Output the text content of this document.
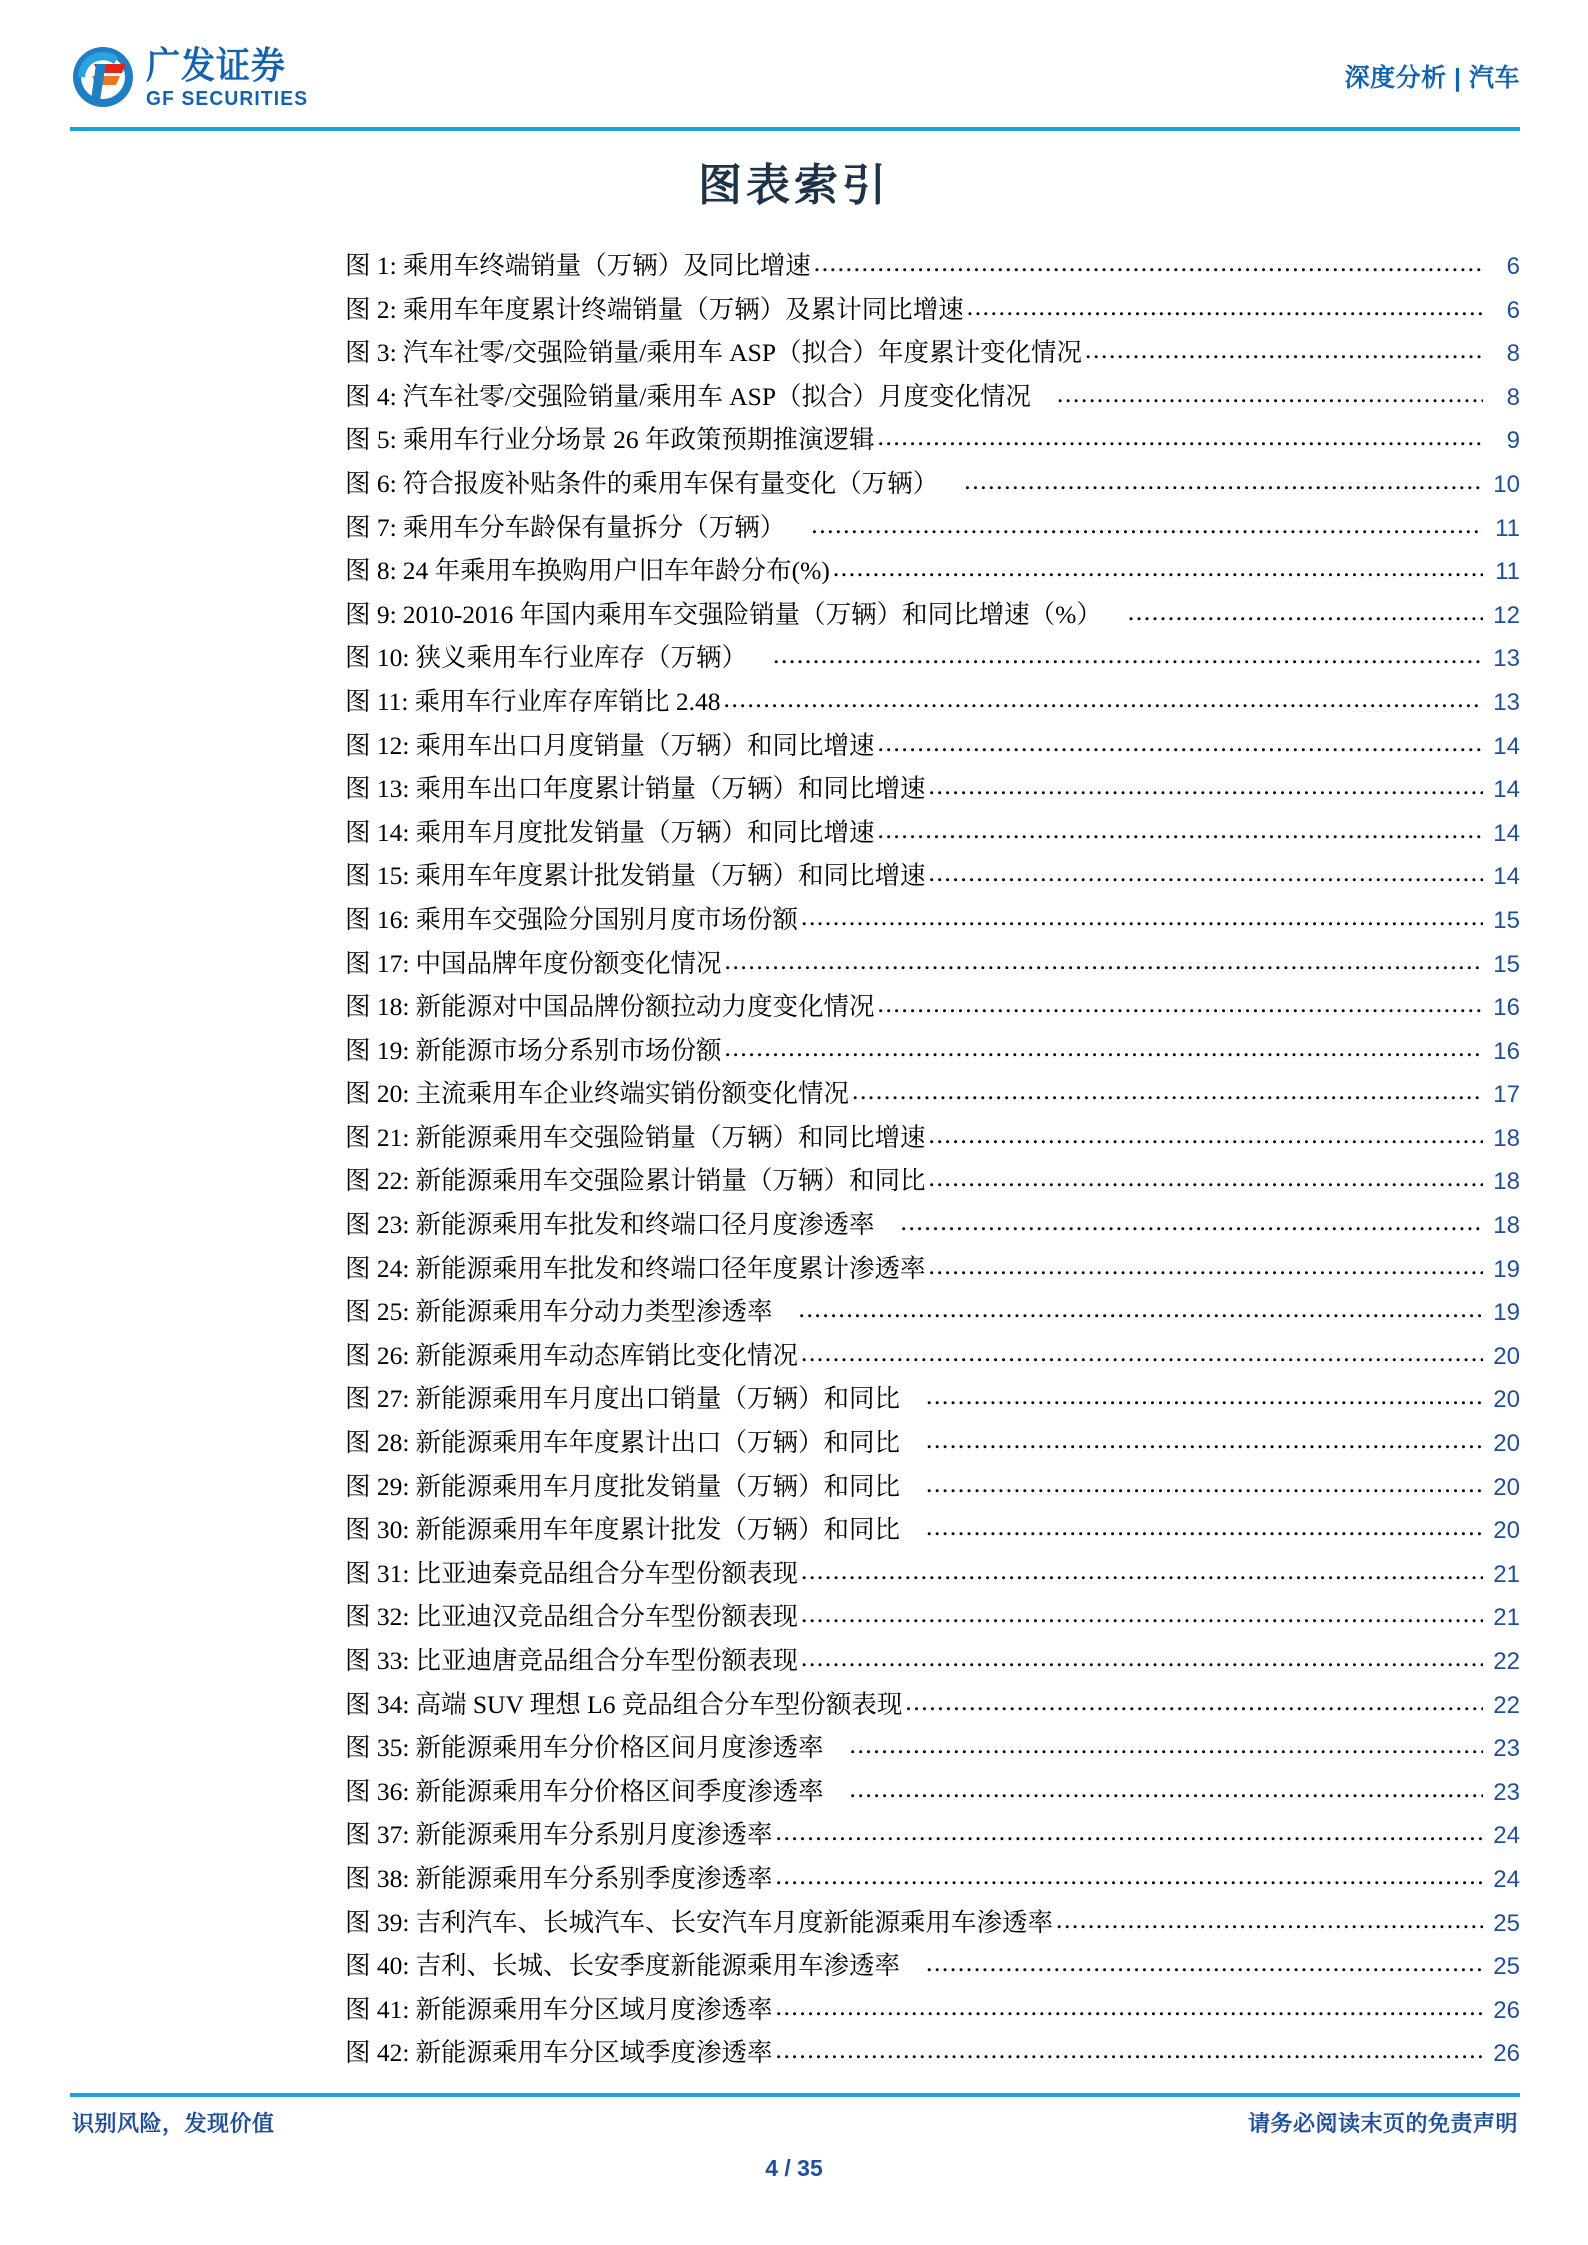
广发证券
GF SECURITIES
深度分析 | 汽车
图表索引
图 1: 乘用车终端销量（万辆）及同比增速 .....	6
图 2: 乘用车年度累计终端销量（万辆）及累计同比增速 .....	6
图 3: 汽车社零/交强险销量/乘用车 ASP（拟合）年度累计变化情况 .....	8
图 4: 汽车社零/交强险销量/乘用车 ASP（拟合）月度变化情况 .....	8
图 5: 乘用车行业分场景 26 年政策预期推演逻辑 .....	9
图 6: 符合报废补贴条件的乘用车保有量变化（万辆） .....	10
图 7: 乘用车分车龄保有量拆分（万辆） .....	11
图 8: 24 年乘用车换购用户旧车年龄分布(%) .....	11
图 9: 2010-2016 年国内乘用车交强险销量（万辆）和同比增速（%） .....	12
图 10: 狭义乘用车行业库存（万辆） .....	13
图 11: 乘用车行业库存库销比 2.48 .....	13
图 12: 乘用车出口月度销量（万辆）和同比增速 .....	14
图 13: 乘用车出口年度累计销量（万辆）和同比增速 .....	14
图 14: 乘用车月度批发销量（万辆）和同比增速 .....	14
图 15: 乘用车年度累计批发销量（万辆）和同比增速 .....	14
图 16: 乘用车交强险分国别月度市场份额 .....	15
图 17: 中国品牌年度份额变化情况 .....	15
图 18: 新能源对中国品牌份额拉动力度变化情况 .....	16
图 19: 新能源市场分系别市场份额 .....	16
图 20: 主流乘用车企业终端实销份额变化情况 .....	17
图 21: 新能源乘用车交强险销量（万辆）和同比增速 .....	18
图 22: 新能源乘用车交强险累计销量（万辆）和同比 .....	18
图 23: 新能源乘用车批发和终端口径月度渗透率 .....	18
图 24: 新能源乘用车批发和终端口径年度累计渗透率 .....	19
图 25: 新能源乘用车分动力类型渗透率 .....	19
图 26: 新能源乘用车动态库销比变化情况 .....	20
图 27: 新能源乘用车月度出口销量（万辆）和同比 .....	20
图 28: 新能源乘用车年度累计出口（万辆）和同比 .....	20
图 29: 新能源乘用车月度批发销量（万辆）和同比 .....	20
图 30: 新能源乘用车年度累计批发（万辆）和同比 .....	20
图 31: 比亚迪秦竞品组合分车型份额表现 .....	21
图 32: 比亚迪汉竞品组合分车型份额表现 .....	21
图 33: 比亚迪唐竞品组合分车型份额表现 .....	22
图 34: 高端 SUV 理想 L6 竞品组合分车型份额表现 .....	22
图 35: 新能源乘用车分价格区间月度渗透率 .....	23
图 36: 新能源乘用车分价格区间季度渗透率 .....	23
图 37: 新能源乘用车分系别月度渗透率 .....	24
图 38: 新能源乘用车分系别季度渗透率 .....	24
图 39: 吉利汽车、长城汽车、长安汽车月度新能源乘用车渗透率 .....	25
图 40: 吉利、长城、长安季度新能源乘用车渗透率 .....	25
图 41: 新能源乘用车分区域月度渗透率 .....	26
图 42: 新能源乘用车分区域季度渗透率 .....	26
识别风险，发现价值	请务必阅读末页的免责声明
4 / 35
